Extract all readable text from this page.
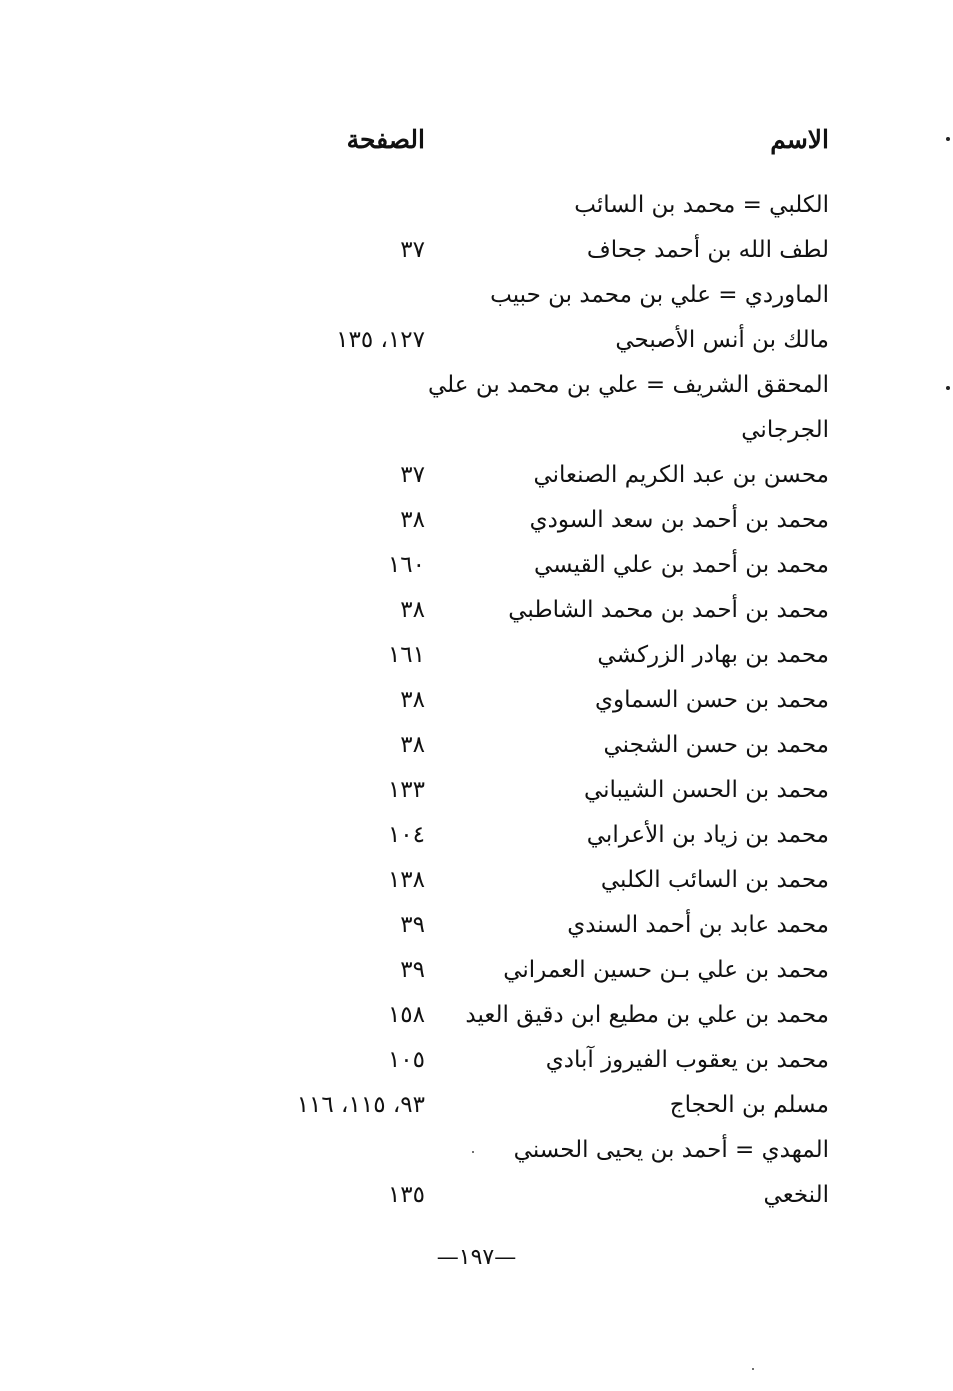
الاسم
الصفحة
الكلبي = محمد بن السائب
لطف الله بن أحمد جحاف
٣٧
الماوردي = علي بن محمد بن حبيب
مالك بن أنس الأصبحي
١٢٧، ١٣٥
المحقق الشريف = علي بن محمد بن علي
الجرجاني
محسن بن عبد الكريم الصنعاني
٣٧
محمد بن أحمد بن سعد السودي
٣٨
محمد بن أحمد بن علي القيسي
١٦٠
محمد بن أحمد بن محمد الشاطبي
٣٨
محمد بن بهادر الزركشي
١٦١
محمد بن حسن السماوي
٣٨
محمد بن حسن الشجني
٣٨
محمد بن الحسن الشيباني
١٣٣
محمد بن زياد بن الأعرابي
١٠٤
محمد بن السائب الكلبي
١٣٨
محمد عابد بن أحمد السندي
٣٩
محمد بن علي بـن حسين العمراني
٣٩
محمد بن علي بن مطيع ابن دقيق العيد
١٥٨
محمد بن يعقوب الفيروز آبادي
١٠٥
مسلم بن الحجاج
٩٣، ١١٥، ١١٦
المهدي = أحمد بن يحيى الحسني
النخعي
١٣٥
—١٩٧—
